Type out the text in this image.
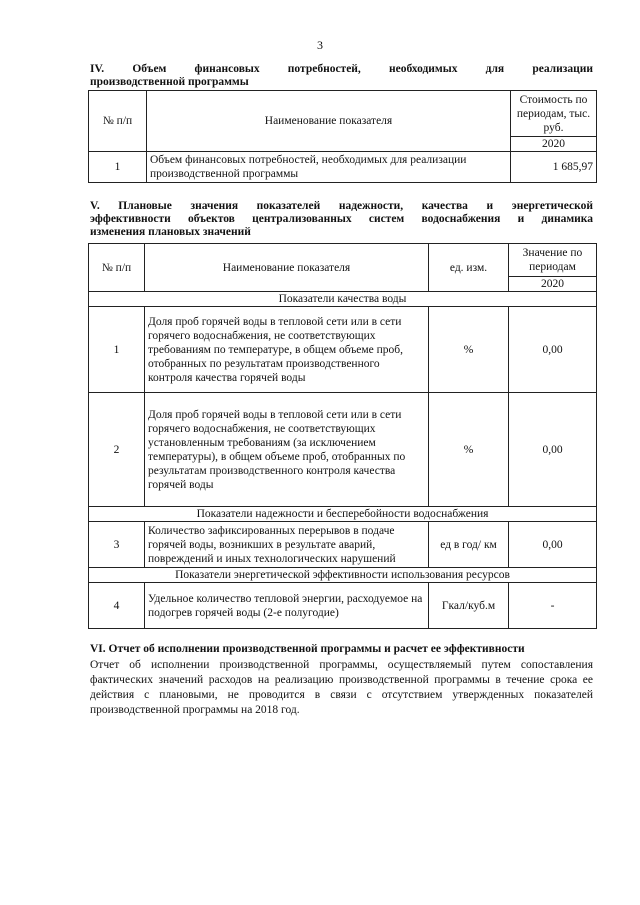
3
IV. Объем финансовых потребностей, необходимых для реализации
производственной программы
№ п/п	Наименование показателя	Стоимость по периодам, тыс. руб.
		2020
1	Объем финансовых потребностей, необходимых для реализации производственной программы	1 685,97
V. Плановые значения показателей надежности, качества и энергетической
эффективности объектов централизованных систем водоснабжения и динамика
изменения плановых значений
№ п/п	Наименование показателя	ед. изм.	Значение по периодам
			2020
Показатели качества воды			
1	Доля проб горячей воды в тепловой сети или в сети горячего водоснабжения, не соответствующих требованиям по температуре, в общем объеме проб, отобранных по результатам производственного контроля качества горячей воды	%	0,00
2	Доля проб горячей воды в тепловой сети или в сети горячего водоснабжения, не соответствующих установленным требованиям (за исключением температуры), в общем объеме проб, отобранных по результатам производственного контроля качества горячей воды	%	0,00
Показатели надежности и бесперебойности водоснабжения			
3	Количество зафиксированных перерывов в подаче горячей воды, возникших в результате аварий, повреждений и иных технологических нарушений	ед в год/ км	0,00
Показатели энергетической эффективности использования ресурсов			
4	Удельное количество тепловой энергии, расходуемое на подогрев горячей воды (2-е полугодие)	Гкал/куб.м	-
VI. Отчет об исполнении производственной программы и расчет ее эффективности
Отчет об исполнении производственной программы, осуществляемый путем сопоставления фактических значений расходов на реализацию производственной программы в течение срока ее действия с плановыми, не проводится в связи с отсутствием утвержденных показателей производственной программы на 2018 год.
